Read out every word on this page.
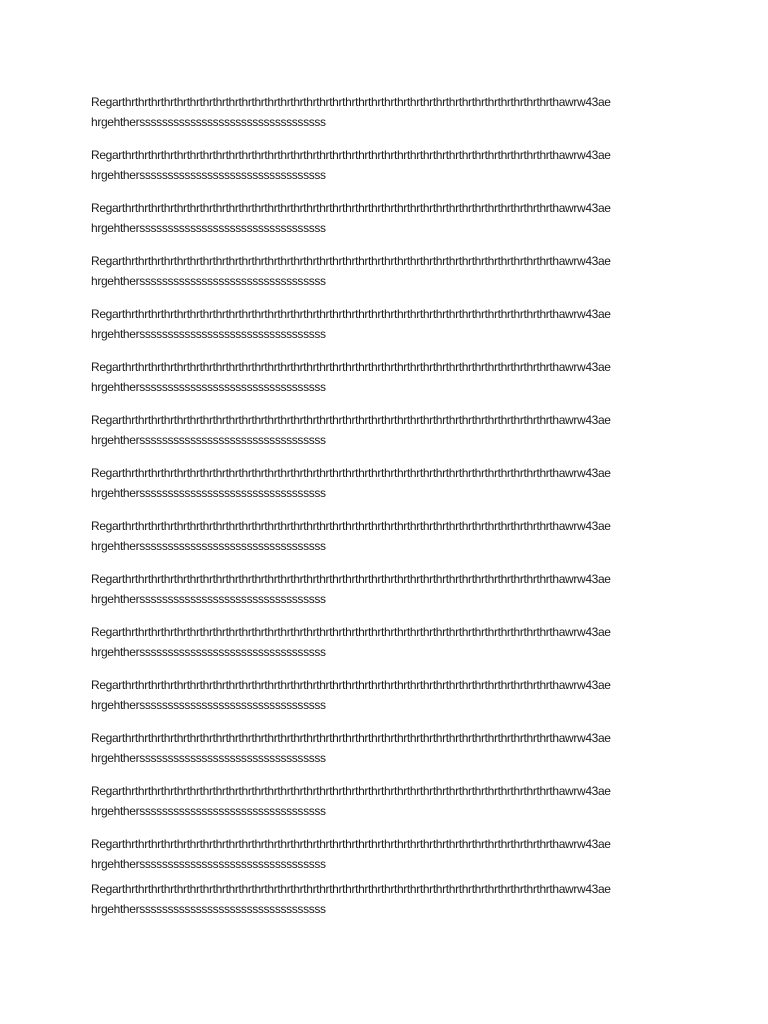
Regarthrthrthrthrthrthrthrthrthrthrthrthrthrthrthrthrthrthrthrthrthrthrthrthrthrthrthrthrthrthrthrthrthrthawrw43ae
hrgehthersssssssssssssssssssssssssssssssss

Regarthrthrthrthrthrthrthrthrthrthrthrthrthrthrthrthrthrthrthrthrthrthrthrthrthrthrthrthrthrthrthrthrthrthawrw43ae
hrgehthersssssssssssssssssssssssssssssssss

Regarthrthrthrthrthrthrthrthrthrthrthrthrthrthrthrthrthrthrthrthrthrthrthrthrthrthrthrthrthrthrthrthrthrthawrw43ae
hrgehthersssssssssssssssssssssssssssssssss

Regarthrthrthrthrthrthrthrthrthrthrthrthrthrthrthrthrthrthrthrthrthrthrthrthrthrthrthrthrthrthrthrthrthrthawrw43ae
hrgehthersssssssssssssssssssssssssssssssss

Regarthrthrthrthrthrthrthrthrthrthrthrthrthrthrthrthrthrthrthrthrthrthrthrthrthrthrthrthrthrthrthrthrthrthawrw43ae
hrgehthersssssssssssssssssssssssssssssssss

Regarthrthrthrthrthrthrthrthrthrthrthrthrthrthrthrthrthrthrthrthrthrthrthrthrthrthrthrthrthrthrthrthrthrthawrw43ae
hrgehthersssssssssssssssssssssssssssssssss

Regarthrthrthrthrthrthrthrthrthrthrthrthrthrthrthrthrthrthrthrthrthrthrthrthrthrthrthrthrthrthrthrthrthrthawrw43ae
hrgehthersssssssssssssssssssssssssssssssss

Regarthrthrthrthrthrthrthrthrthrthrthrthrthrthrthrthrthrthrthrthrthrthrthrthrthrthrthrthrthrthrthrthrthrthawrw43ae
hrgehthersssssssssssssssssssssssssssssssss

Regarthrthrthrthrthrthrthrthrthrthrthrthrthrthrthrthrthrthrthrthrthrthrthrthrthrthrthrthrthrthrthrthrthrthawrw43ae
hrgehthersssssssssssssssssssssssssssssssss

Regarthrthrthrthrthrthrthrthrthrthrthrthrthrthrthrthrthrthrthrthrthrthrthrthrthrthrthrthrthrthrthrthrthrthawrw43ae
hrgehthersssssssssssssssssssssssssssssssss

Regarthrthrthrthrthrthrthrthrthrthrthrthrthrthrthrthrthrthrthrthrthrthrthrthrthrthrthrthrthrthrthrthrthrthawrw43ae
hrgehthersssssssssssssssssssssssssssssssss

Regarthrthrthrthrthrthrthrthrthrthrthrthrthrthrthrthrthrthrthrthrthrthrthrthrthrthrthrthrthrthrthrthrthrthawrw43ae
hrgehthersssssssssssssssssssssssssssssssss

Regarthrthrthrthrthrthrthrthrthrthrthrthrthrthrthrthrthrthrthrthrthrthrthrthrthrthrthrthrthrthrthrthrthrthawrw43ae
hrgehthersssssssssssssssssssssssssssssssss

Regarthrthrthrthrthrthrthrthrthrthrthrthrthrthrthrthrthrthrthrthrthrthrthrthrthrthrthrthrthrthrthrthrthrthawrw43ae
hrgehthersssssssssssssssssssssssssssssssss

Regarthrthrthrthrthrthrthrthrthrthrthrthrthrthrthrthrthrthrthrthrthrthrthrthrthrthrthrthrthrthrthrthrthrthawrw43ae
hrgehthersssssssssssssssssssssssssssssssss

Regarthrthrthrthrthrthrthrthrthrthrthrthrthrthrthrthrthrthrthrthrthrthrthrthrthrthrthrthrthrthrthrthrthrthawrw43ae
hrgehthersssssssssssssssssssssssssssssssss
